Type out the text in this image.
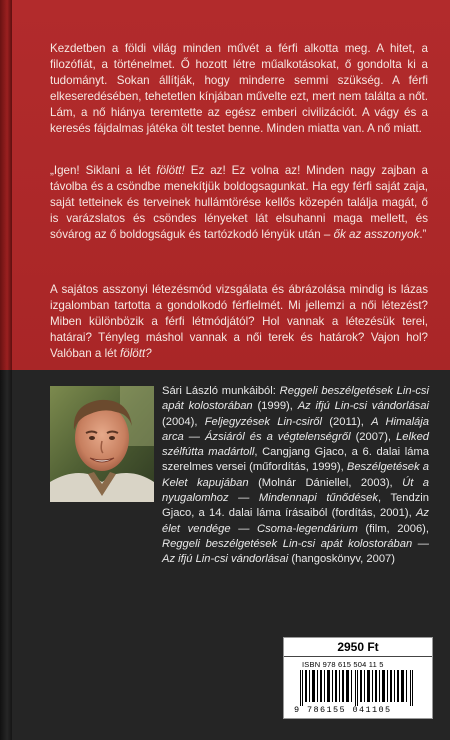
Kezdetben a földi világ minden művét a férfi alkotta meg. A hitet, a filozófiát, a történelmet. Ő hozott létre műalkotásokat, ő gondolta ki a tudományt. Sokan állítják, hogy minderre semmi szükség. A férfi elkeseredésében, tehetetlen kínjában művelte ezt, mert nem találta a nőt. Lám, a nő hiánya teremtette az egész emberi civilizációt. A vágy és a keresés fájdalmas játéka ölt testet benne. Minden miatta van. A nő miatt.

„Igen! Siklani a lét fölött! Ez az! Ez volna az! Minden nagy zajban a távolba és a csöndbe menekítjük boldogsagunkat. Ha egy férfi saját zaja, saját tetteinek és terveinek hullámtörése kellős közepén találja magát, ő is varázslatos és csöndes lényeket lát elsuhanni maga mellett, és sóvárog az ő boldogságuk és tartózkodó lényük után – ők az asszonyok.”

A sajátos asszonyi létezésmód vizsgálata és ábrázolása mindig is lázas izgalomban tartotta a gondolkodó férfielmét. Mi jellemzi a női létezést? Miben különbözik a férfi létmódjától? Hol vannak a létezésük terei, határai? Tényleg máshol vannak a női terek és határok? Vajon hol? Valóban a lét fölött?

Sári László munkáiból: Reggeli beszélgetések Lin-csi apát kolostorában (1999), Az ifjú Lin-csi vándorlásai (2004), Feljegyzések Lin-csiről (2011), A Himalája arca — Ázsiáról és a végtelenségről (2007), Lelked szélfútta madártoll, Cangjang Gjaco, a 6. dalai láma szerelmes versei (műfordítás, 1999), Beszélgetések a Kelet kapujában (Molnár Dániellel, 2003), Út a nyugalomhoz — Mindennapi tűnődések, Tendzin Gjaco, a 14. dalai láma írásaiból (fordítás, 2001), Az élet vendége — Csoma-legendárium (film, 2006), Reggeli beszélgetések Lin-csi apát kolostorában — Az ifjú Lin-csi vándorlásai (hangoskönyv, 2007)

2950 Ft
ISBN 978 615 504 11 5
9 786155 041105
